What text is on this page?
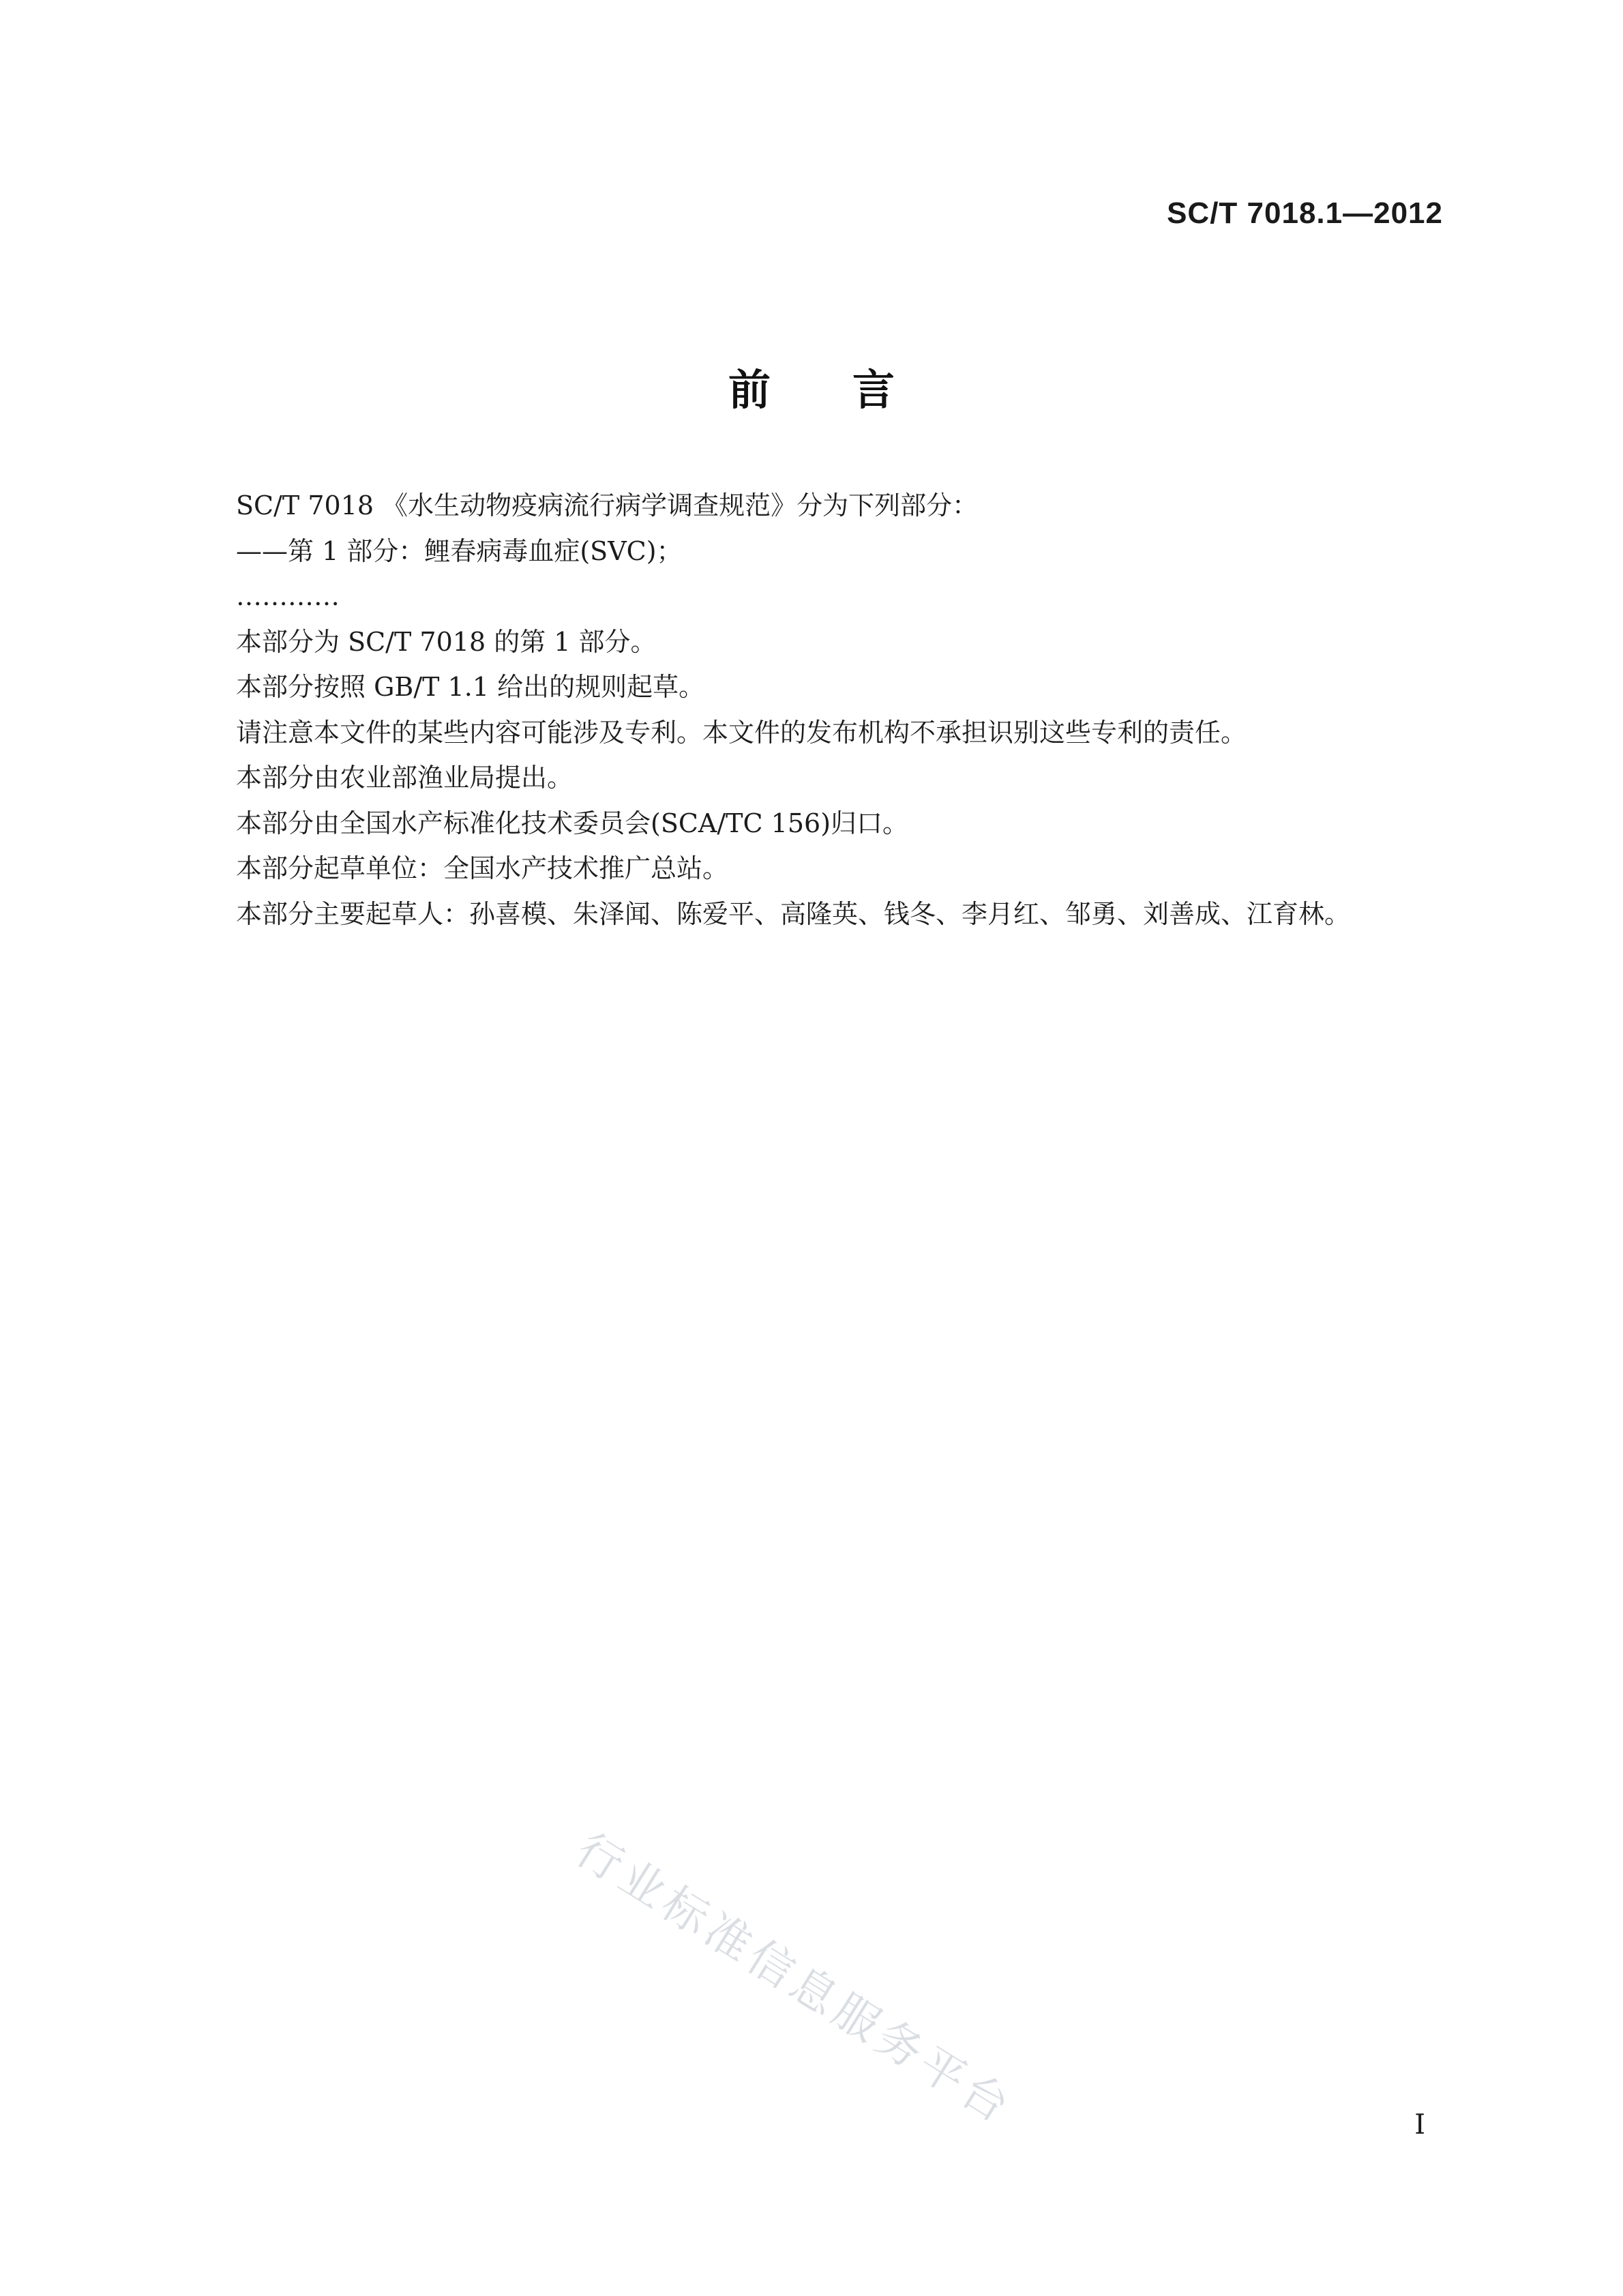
SC/T 7018.1—2012
前言

SC/T 7018 《水生动物疫病流行病学调查规范》分为下列部分：

——第 1 部分：鲤春病毒血症(SVC)；

…………

本部分为 SC/T 7018 的第 1 部分。

本部分按照 GB/T 1.1 给出的规则起草。

请注意本文件的某些内容可能涉及专利。本文件的发布机构不承担识别这些专利的责任。

本部分由农业部渔业局提出。

本部分由全国水产标准化技术委员会(SCA/TC 156)归口。

本部分起草单位：全国水产技术推广总站。

本部分主要起草人：孙喜模、朱泽闻、陈爱平、高隆英、钱冬、李月红、邹勇、刘善成、江育林。

行业标准信息服务平台	I
